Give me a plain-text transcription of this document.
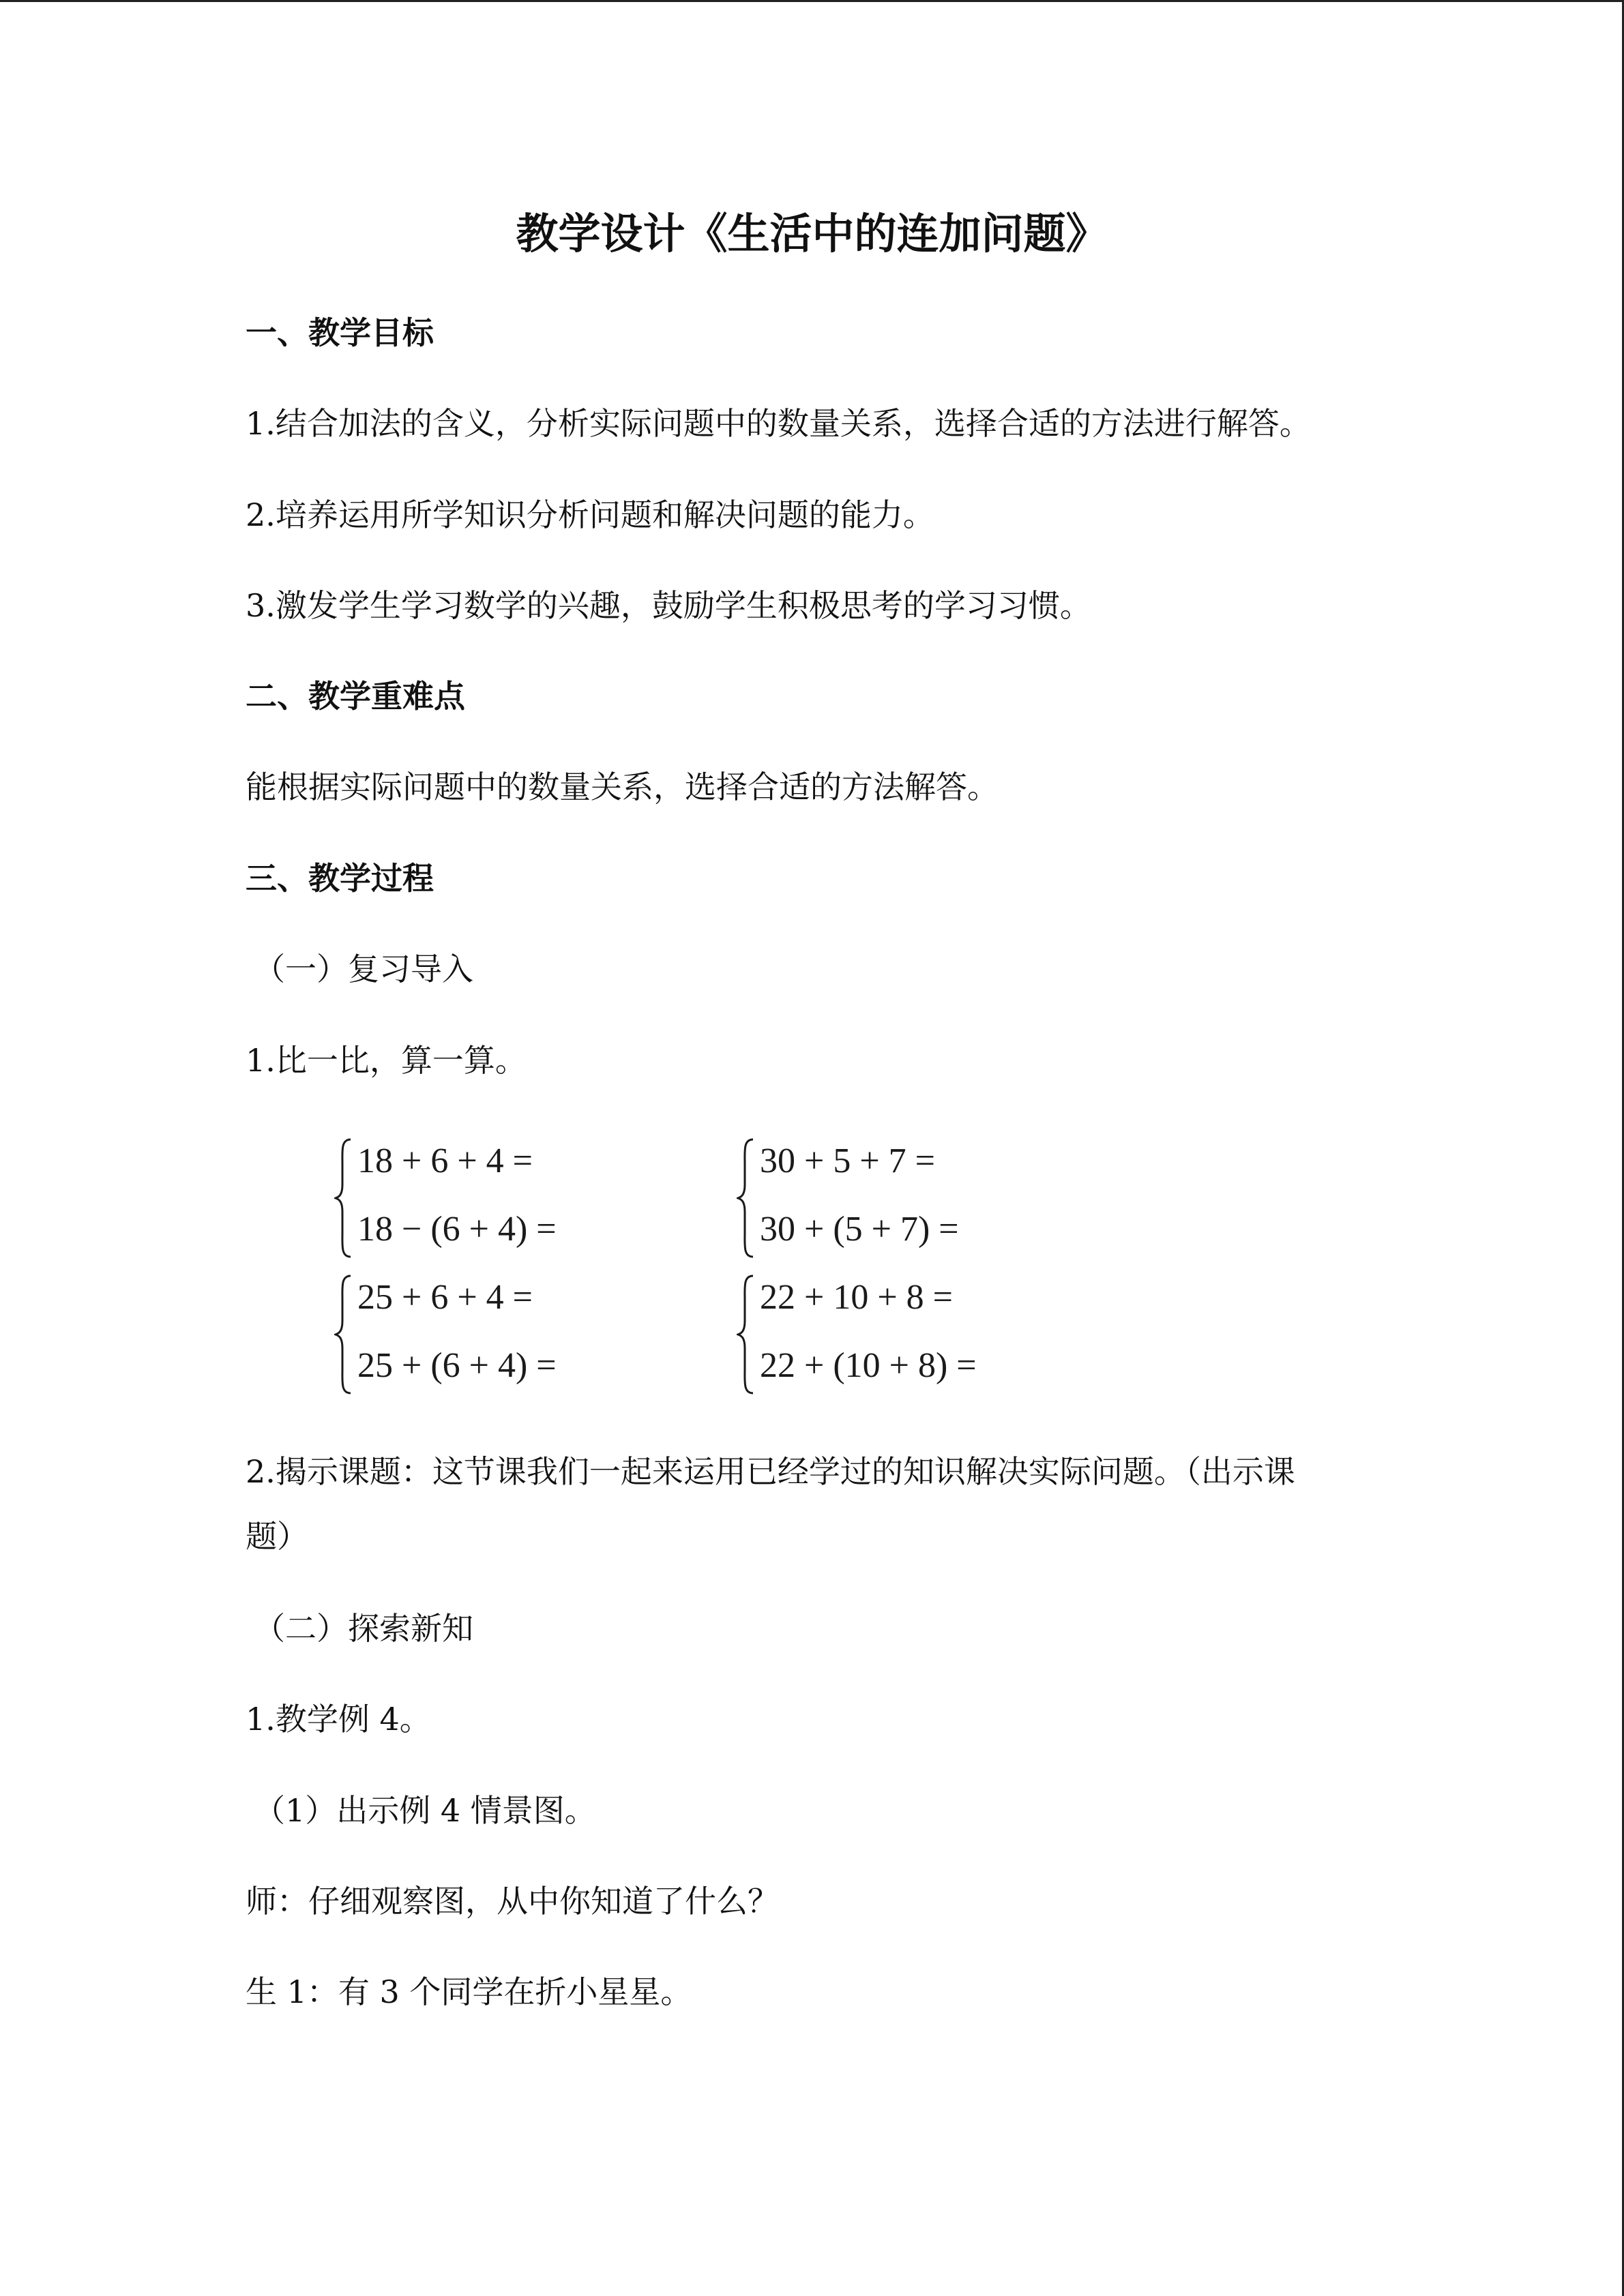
教学设计《生活中的连加问题》
一、教学目标
1.结合加法的含义，分析实际问题中的数量关系，选择合适的方法进行解答。
2.培养运用所学知识分析问题和解决问题的能力。
3.激发学生学习数学的兴趣，鼓励学生积极思考的学习习惯。
二、教学重难点
能根据实际问题中的数量关系，选择合适的方法解答。
三、教学过程
（一）复习导入
1.比一比，算一算。
18 + 6 + 4 =
18 − (6 + 4) =
30 + 5 + 7 =
30 + (5 + 7) =
25 + 6 + 4 =
25 + (6 + 4) =
22 + 10 + 8 =
22 + (10 + 8) =
2.揭示课题：这节课我们一起来运用已经学过的知识解决实际问题。（出示课
题）
（二）探索新知
1.教学例 4。
（1）出示例 4 情景图。
师：仔细观察图，从中你知道了什么？
生 1：有 3 个同学在折小星星。
